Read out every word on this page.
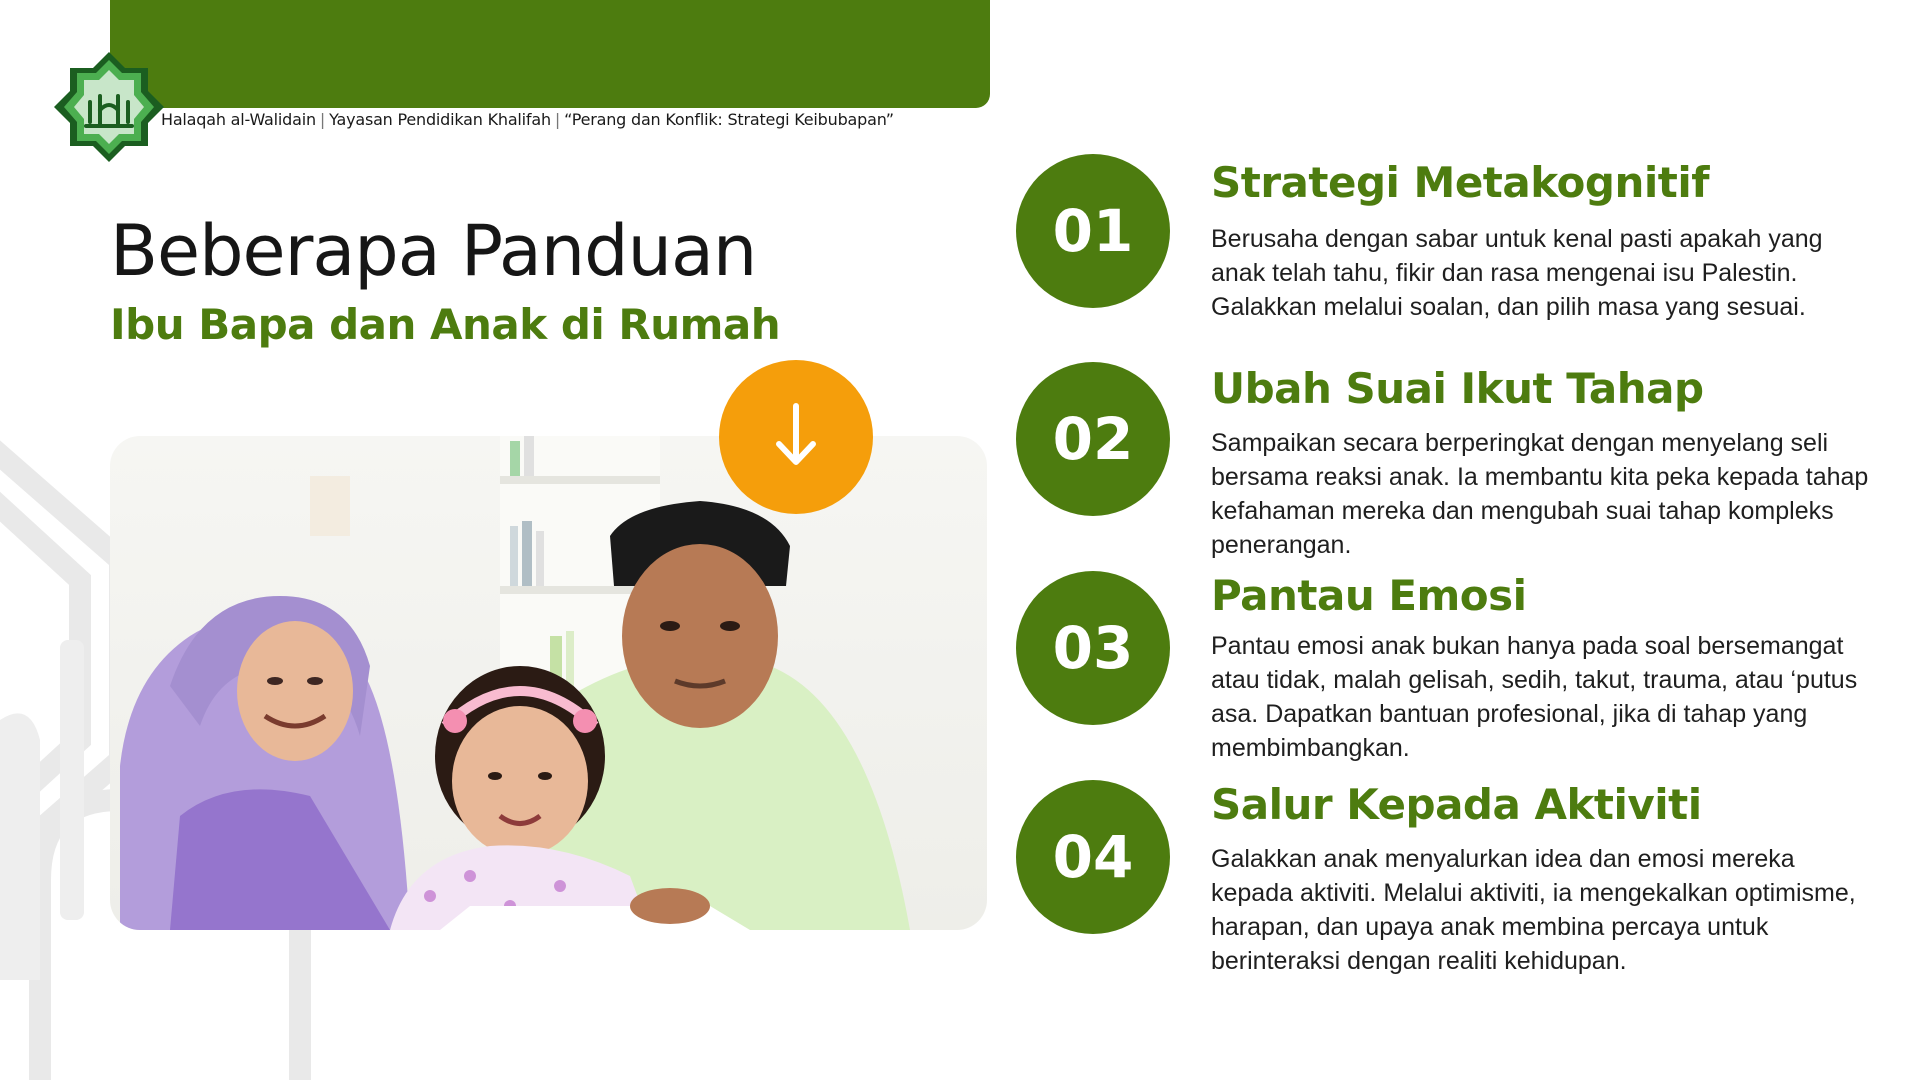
Halaqah al-Walidain | Yayasan Pendidikan Khalifah | “Perang dan Konflik: Strategi Keibubapan”
Beberapa Panduan
Ibu Bapa dan Anak di Rumah
01
Strategi Metakognitif
Berusaha dengan sabar untuk kenal pasti apakah yang anak telah tahu, fikir dan rasa mengenai isu Palestin. Galakkan melalui soalan, dan pilih masa yang sesuai.
02
Ubah Suai Ikut Tahap
Sampaikan secara berperingkat dengan menyelang seli bersama reaksi anak. Ia membantu kita peka kepada tahap kefahaman mereka dan mengubah suai tahap kompleks penerangan.
03
Pantau Emosi
Pantau emosi anak bukan hanya pada soal bersemangat atau tidak, malah gelisah, sedih, takut, trauma, atau ‘putus asa. Dapatkan bantuan profesional, jika di tahap yang membimbangkan.
04
Salur Kepada Aktiviti
Galakkan anak menyalurkan idea dan emosi mereka kepada aktiviti. Melalui aktiviti, ia mengekalkan optimisme, harapan, dan upaya anak membina percaya untuk berinteraksi dengan realiti kehidupan.
